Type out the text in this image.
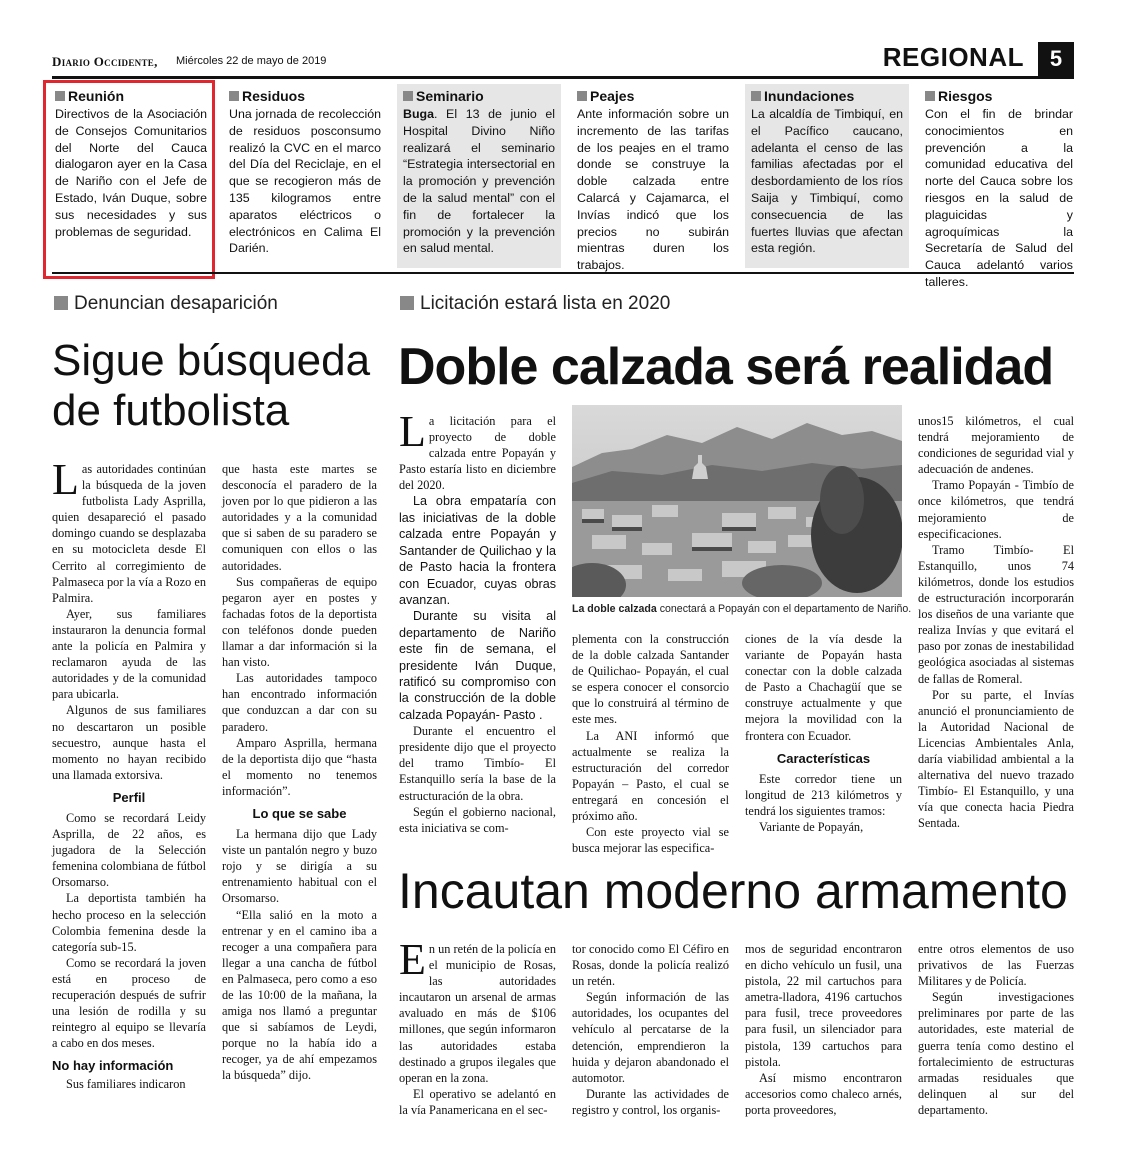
Diario Occidente, Miércoles 22 de mayo de 2019	REGIONAL	5
Reunión

Directivos de la Asociación de Consejos Comunitarios del Norte del Cauca dialogaron ayer en la Casa de Nariño con el Jefe de Estado, Iván Duque, sobre sus necesidades y sus problemas de seguridad.

Residuos

Una jornada de recolección de residuos posconsumo realizó la CVC en el marco del Día del Reciclaje, en el que se recogieron más de 135 kilogramos entre aparatos eléctricos o electrónicos en Calima El Darién.

Seminario

Buga. El 13 de junio el Hospital Divino Niño realizará el seminario “Estrategia intersectorial en la promoción y prevención de la salud mental” con el fin de fortalecer la promoción y la prevención en salud mental.

Peajes

Ante información sobre un incremento de las tarifas de los peajes en el tramo donde se construye la doble calzada entre Calarcá y Cajamarca, el Invías indicó que los precios no subirán mientras duren los trabajos.

Inundaciones

La alcaldía de Timbiquí, en el Pacífico caucano, adelanta el censo de las familias afectadas por el desbordamiento de los ríos Saija y Timbiquí, como consecuencia de las fuertes lluvias que afectan esta región.

Riesgos

Con el fin de brindar conocimientos en prevención a la comunidad educativa del norte del Cauca sobre los riesgos en la salud de plaguicidas y agroquímicas la Secretaría de Salud del Cauca adelantó varios talleres.

Denuncian desaparición
Sigue búsqueda de futbolista

Las autoridades continúan la búsqueda de la joven futbolista Lady Asprilla, quien desapareció el pasado domingo cuando se desplazaba en su motocicleta desde El Cerrito al corregimiento de Palmaseca por la vía a Rozo en Palmira.

Ayer, sus familiares instauraron la denuncia formal ante la policía en Palmira y reclamaron ayuda de las autoridades y de la comunidad para ubicarla.

Algunos de sus familiares no descartaron un posible secuestro, aunque hasta el momento no hayan recibido una llamada extorsiva.

Perfil

Como se recordará Leidy Asprilla, de 22 años, es jugadora de la Selección femenina colombiana de fútbol Orsomarso.

La deportista también ha hecho proceso en la selección Colombia femenina desde la categoría sub-15.

Como se recordará la joven está en proceso de recuperación después de sufrir una lesión de rodilla y su reintegro al equipo se llevaría a cabo en dos meses.

No hay información

Sus familiares indicaron

que hasta este martes se desconocía el paradero de la joven por lo que pidieron a las autoridades y a la comunidad que si saben de su paradero se comuniquen con ellos o las autoridades.

Sus compañeras de equipo pegaron ayer en postes y fachadas fotos de la deportista con teléfonos donde pueden llamar a dar información si la han visto.

Las autoridades tampoco han encontrado información que conduzcan a dar con su paradero.

Amparo Asprilla, hermana de la deportista dijo que “hasta el momento no tenemos información”.

Lo que se sabe

La hermana dijo que Lady viste un pantalón negro y buzo rojo y se dirigía a su entrenamiento habitual con el Orsomarso.

“Ella salió en la moto a entrenar y en el camino iba a recoger a una compañera para llegar a una cancha de fútbol en Palmaseca, pero como a eso de las 10:00 de la mañana, la amiga nos llamó a preguntar que si sabíamos de Leydi, porque no la había ido a recoger, ya de ahí empezamos la búsqueda” dijo.

Licitación estará lista en 2020
Doble calzada será realidad

La licitación para el proyecto de doble calzada entre Popayán y Pasto estaría listo en diciembre del 2020.

La obra empataría con las iniciativas de la doble calzada entre Popayán y Santander de Quilichao y la de Pasto hacia la frontera con Ecuador, cuyas obras avanzan.

Durante su visita al departamento de Nariño este fin de semana, el presidente Iván Duque, ratificó su compromiso con la construcción de la doble calzada Popayán- Pasto .

Durante el encuentro el presidente dijo que el proyecto del tramo Timbío- El Estanquillo sería la base de la estructuración de la obra.

Según el gobierno nacional, esta iniciativa se com-

La doble calzada conectará a Popayán con el departamento de Nariño.

plementa con la construcción de la doble calzada Santander de Quilichao- Popayán, el cual se espera conocer el consorcio que lo construirá al término de este mes.

La ANI informó que actualmente se realiza la estructuración del corredor Popayán – Pasto, el cual se entregará en concesión el próximo año.

Con este proyecto vial se busca mejorar las especifica-

ciones de la vía desde la variante de Popayán hasta conectar con la doble calzada de Pasto a Chachagüí que se construye actualmente y que mejora la movilidad con la frontera con Ecuador.

Características

Este corredor tiene un longitud de 213 kilómetros y tendrá los siguientes tramos:

Variante de Popayán,

unos15 kilómetros, el cual tendrá mejoramiento de condiciones de seguridad vial y adecuación de andenes.

Tramo Popayán - Timbío de once kilómetros, que tendrá mejoramiento de especificaciones.

Tramo Timbío- El Estanquillo, unos 74 kilómetros, donde los estudios de estructuración incorporarán los diseños de una variante que realiza Invías y que evitará el paso por zonas de inestabilidad geológica asociadas al sistemas de fallas de Romeral.

Por su parte, el Invías anunció el pronunciamiento de la Autoridad Nacional de Licencias Ambientales Anla, daría viabilidad ambiental a la alternativa del nuevo trazado Timbío- El Estanquillo, y una vía que conecta hacia Piedra Sentada.

Incautan moderno armamento

En un retén de la policía en el municipio de Rosas, las autoridades incautaron un arsenal de armas avaluado en más de $106 millones, que según informaron las autoridades estaba destinado a grupos ilegales que operan en la zona.

El operativo se adelantó en la vía Panamericana en el sec-

tor conocido como El Céfiro en Rosas, donde la policía realizó un retén.

Según información de las autoridades, los ocupantes del vehículo al percatarse de la detención, emprendieron la huida y dejaron abandonado el automotor.

Durante las actividades de registro y control, los organis-

mos de seguridad encontraron en dicho vehículo un fusil, una pistola, 22 mil cartuchos para ametra-lladora, 4196 cartuchos para fusil, trece proveedores para fusil, un silenciador para pistola, 139 cartuchos para pistola.

Así mismo encontraron accesorios como chaleco arnés, porta proveedores,

entre otros elementos de uso privativos de las Fuerzas Militares y de Policía.

Según investigaciones preliminares por parte de las autoridades, este material de guerra tenía como destino el fortalecimiento de estructuras armadas residuales que delinquen al sur del departamento.
